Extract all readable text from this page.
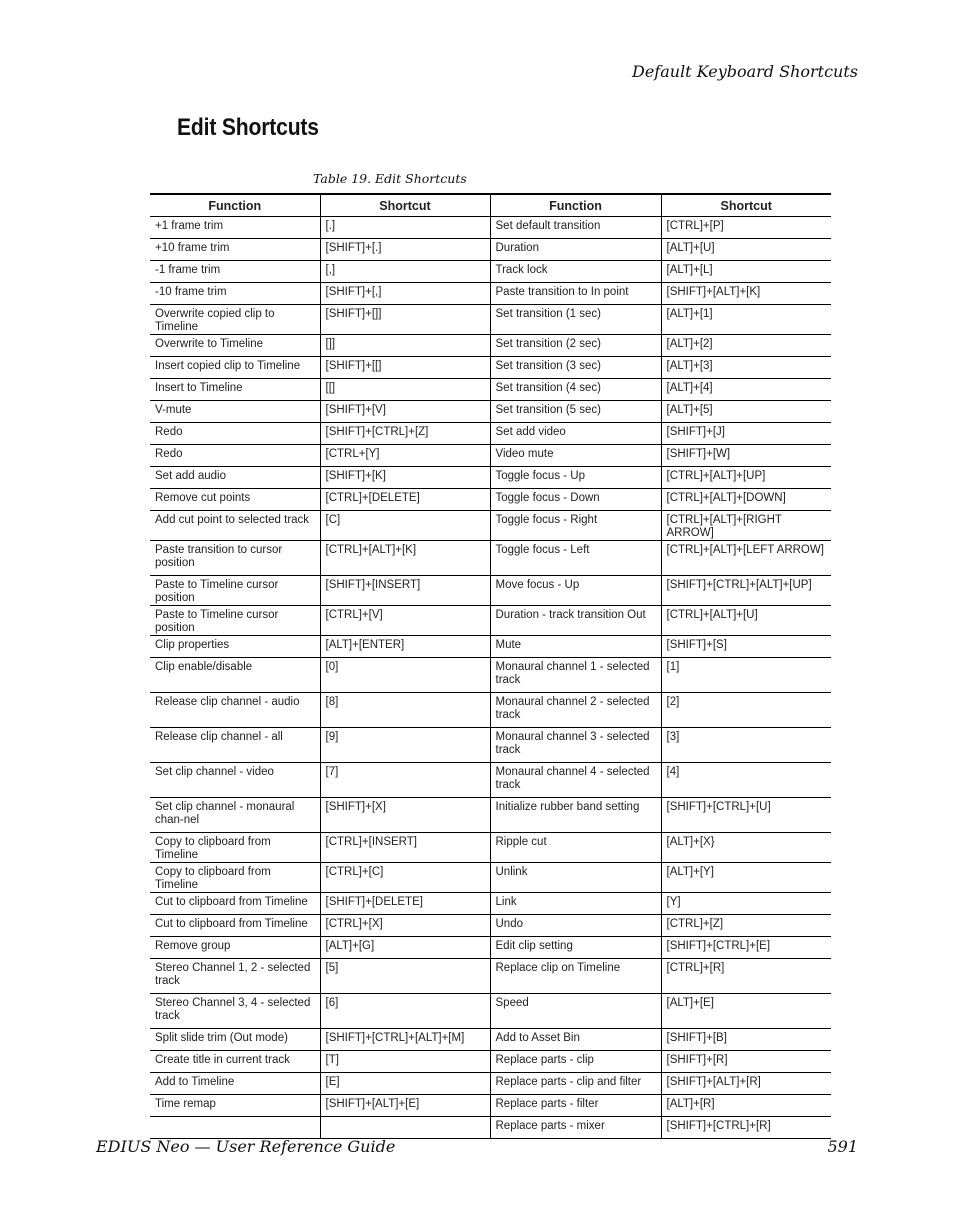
Default Keyboard Shortcuts
Edit Shortcuts
Table 19. Edit Shortcuts
Function	Shortcut	Function	Shortcut
+1 frame trim	[.]	Set default transition	[CTRL]+[P]
+10 frame trim	[SHIFT]+[.]	Duration	[ALT]+[U]
-1 frame trim	[,]	Track lock	[ALT]+[L]
-10 frame trim	[SHIFT]+[,]	Paste transition to In point	[SHIFT]+[ALT]+[K]
Overwrite copied clip to Timeline	[SHIFT]+[]]	Set transition (1 sec)	[ALT]+[1]
Overwrite to Timeline	[]]	Set transition (2 sec)	[ALT]+[2]
Insert copied clip to Timeline	[SHIFT]+[[]	Set transition (3 sec)	[ALT]+[3]
Insert to Timeline	[[]	Set transition (4 sec)	[ALT]+[4]
V-mute	[SHIFT]+[V]	Set transition (5 sec)	[ALT]+[5]
Redo	[SHIFT]+[CTRL]+[Z]	Set add video	[SHIFT]+[J]
Redo	[CTRL+[Y]	Video mute	[SHIFT]+[W]
Set add audio	[SHIFT]+[K]	Toggle focus - Up	[CTRL]+[ALT]+[UP]
Remove cut points	[CTRL]+[DELETE]	Toggle focus - Down	[CTRL]+[ALT]+[DOWN]
Add cut point to selected track	[C]	Toggle focus - Right	[CTRL]+[ALT]+[RIGHT ARROW]
Paste transition to cursor position	[CTRL]+[ALT]+[K]	Toggle focus - Left	[CTRL]+[ALT]+[LEFT ARROW]
Paste to Timeline cursor position	[SHIFT]+[INSERT]	Move focus - Up	[SHIFT]+[CTRL]+[ALT]+[UP]
Paste to Timeline cursor position	[CTRL]+[V]	Duration - track transition Out	[CTRL]+[ALT]+[U]
Clip properties	[ALT]+[ENTER]	Mute	[SHIFT]+[S]
Clip enable/disable	[0]	Monaural channel 1 - selected track	[1]
Release clip channel - audio	[8]	Monaural channel 2 - selected track	[2]
Release clip channel - all	[9]	Monaural channel 3 - selected track	[3]
Set clip channel - video	[7]	Monaural channel 4 - selected track	[4]
Set clip channel - monaural chan-nel	[SHIFT]+[X]	Initialize rubber band setting	[SHIFT]+[CTRL]+[U]
Copy to clipboard from Timeline	[CTRL]+[INSERT]	Ripple cut	[ALT]+[X}
Copy to clipboard from Timeline	[CTRL]+[C]	Unlink	[ALT]+[Y]
Cut to clipboard from Timeline	[SHIFT]+[DELETE]	Link	[Y]
Cut to clipboard from Timeline	[CTRL]+[X]	Undo	[CTRL]+[Z]
Remove group	[ALT]+[G]	Edit clip setting	[SHIFT]+[CTRL]+[E]
Stereo Channel 1, 2 - selected track	[5]	Replace clip on Timeline	[CTRL]+[R]
Stereo Channel 3, 4 - selected track	[6]	Speed	[ALT]+[E]
Split slide trim (Out mode)	[SHIFT]+[CTRL]+[ALT]+[M]	Add to Asset Bin	[SHIFT]+[B]
Create title in current track	[T]	Replace parts - clip	[SHIFT]+[R]
Add to Timeline	[E]	Replace parts - clip and filter	[SHIFT]+[ALT]+[R]
Time remap	[SHIFT]+[ALT]+[E]	Replace parts - filter	[ALT]+[R]
		Replace parts - mixer	[SHIFT]+[CTRL]+[R]
EDIUS Neo — User Reference Guide	591
